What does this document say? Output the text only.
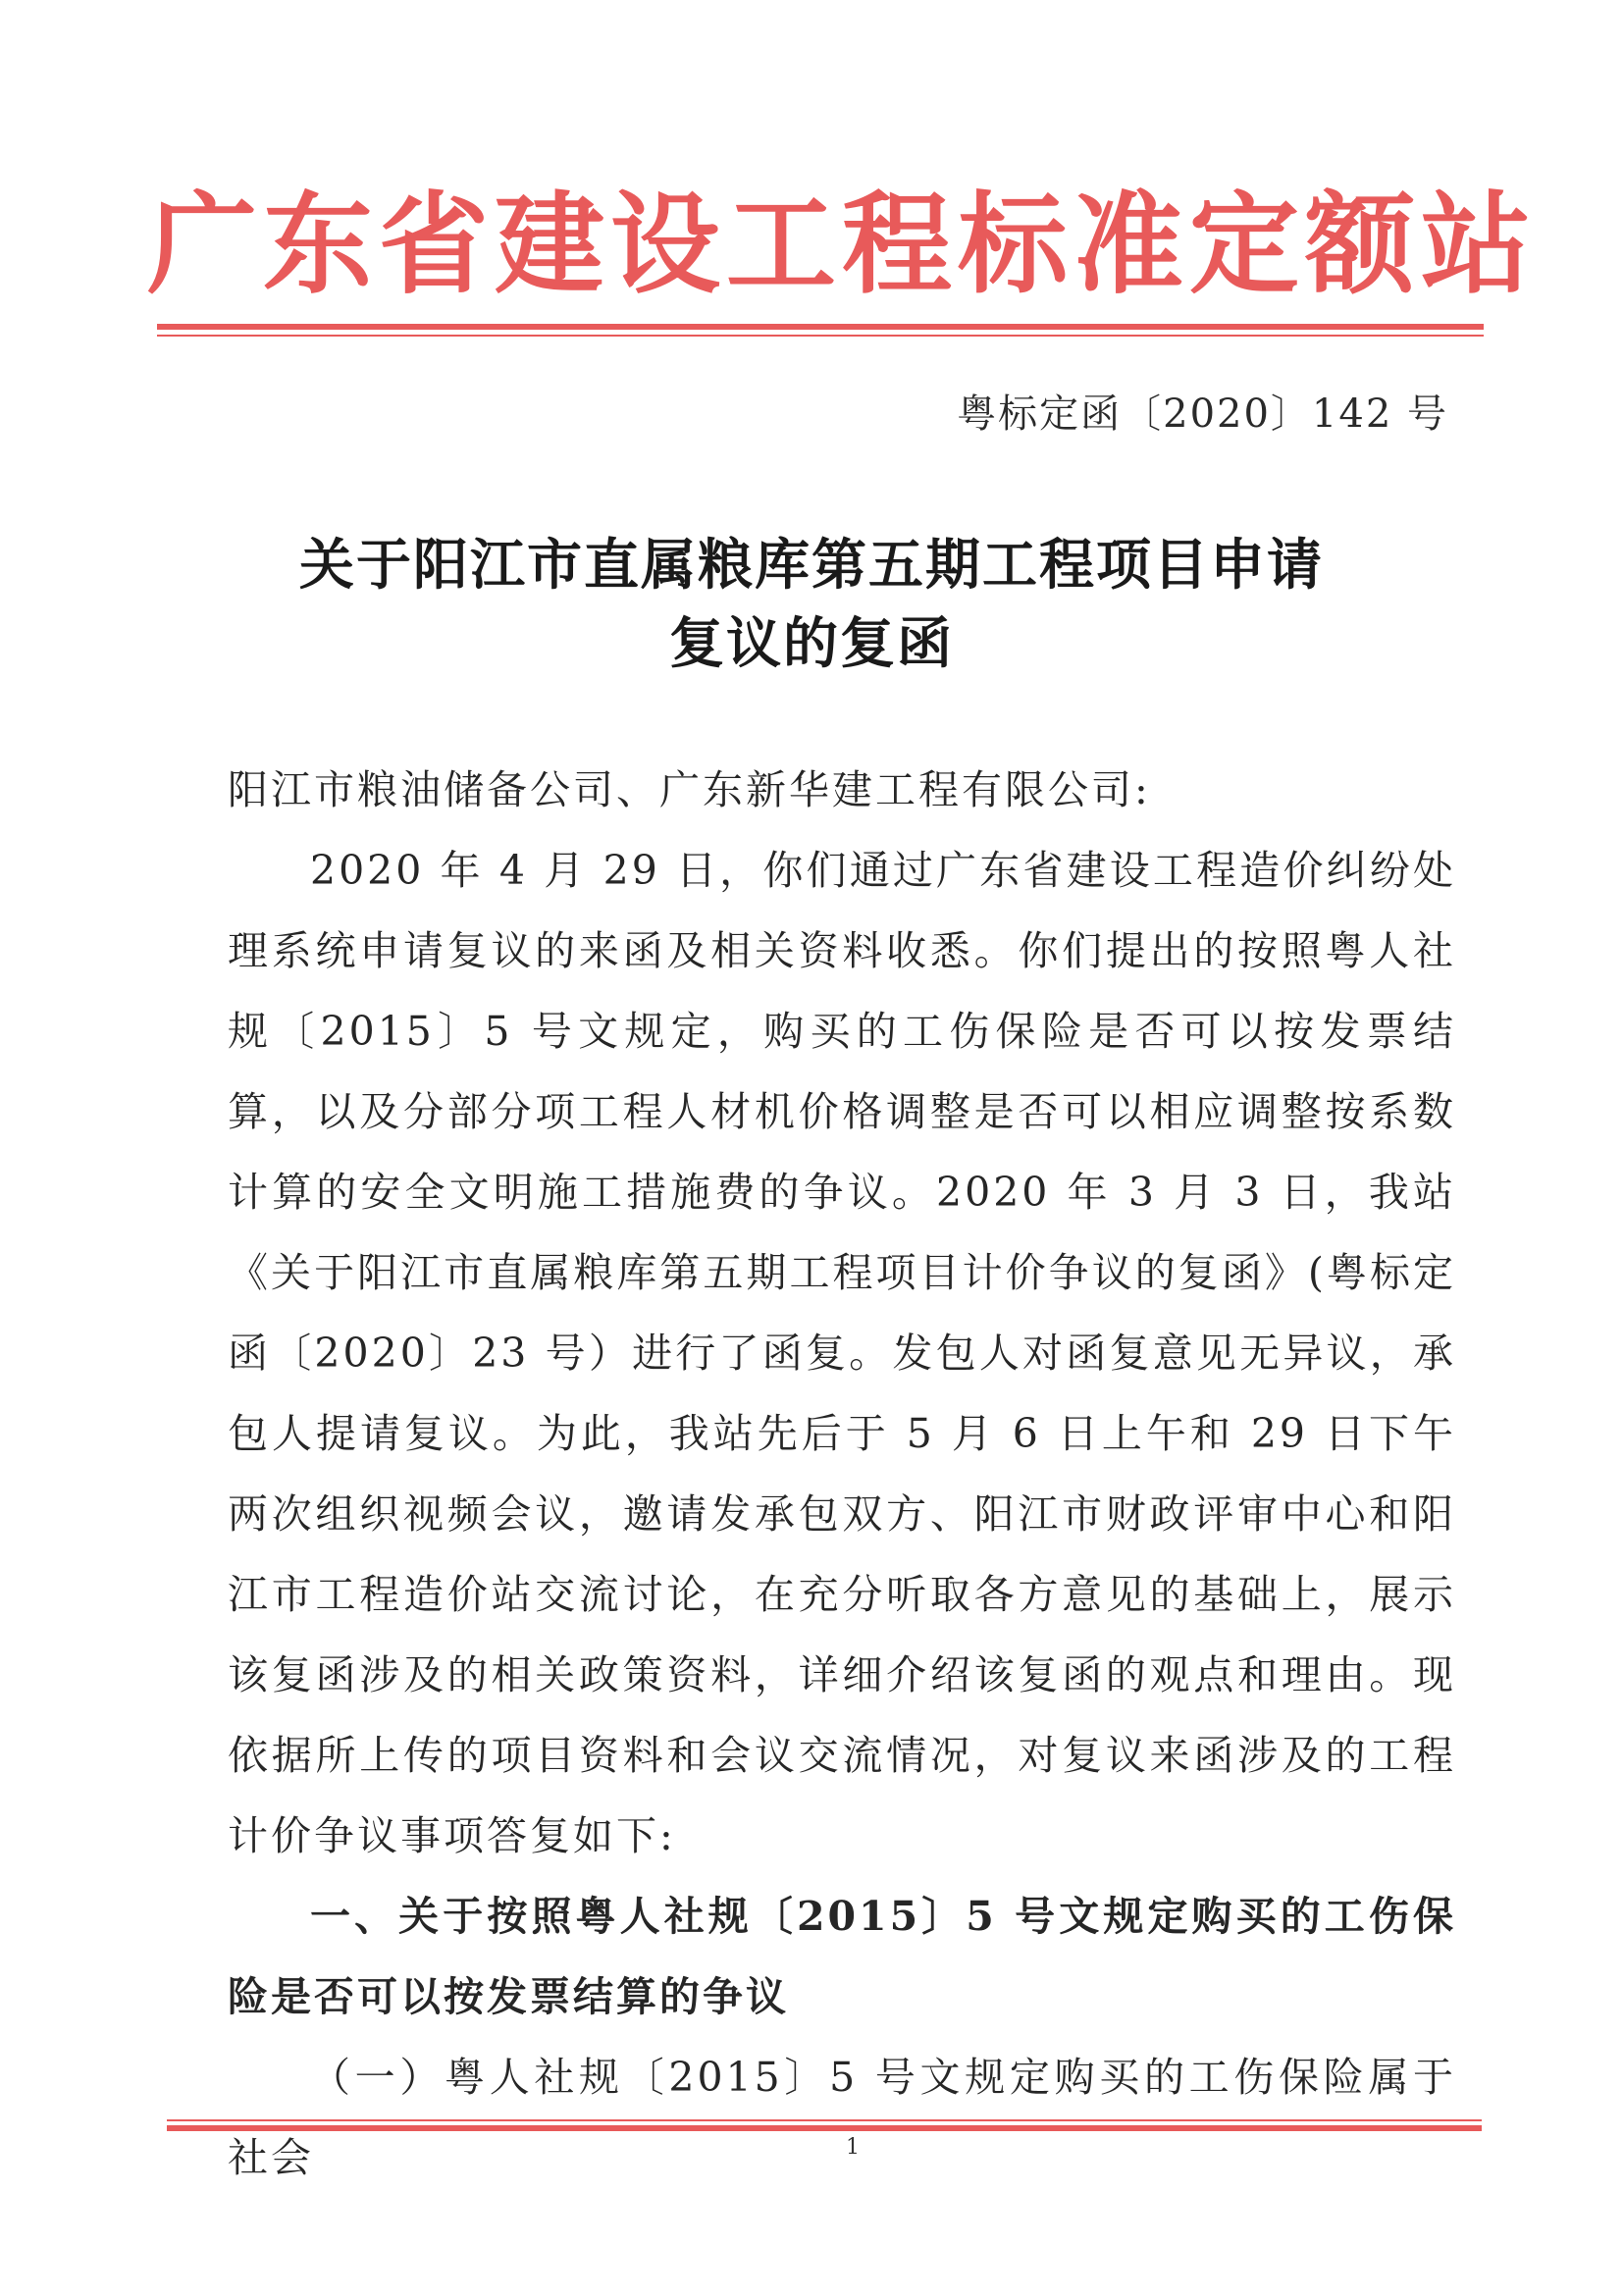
广东省建设工程标准定额站
粤标定函〔2020〕142 号
关于阳江市直属粮库第五期工程项目申请
复议的复函

阳江市粮油储备公司、广东新华建工程有限公司:

2020 年 4 月 29 日，你们通过广东省建设工程造价纠纷处理系统申请复议的来函及相关资料收悉。你们提出的按照粤人社规〔2015〕5 号文规定，购买的工伤保险是否可以按发票结算，以及分部分项工程人材机价格调整是否可以相应调整按系数计算的安全文明施工措施费的争议。2020 年 3 月 3 日，我站《关于阳江市直属粮库第五期工程项目计价争议的复函》(粤标定函〔2020〕23 号）进行了函复。发包人对函复意见无异议，承包人提请复议。为此，我站先后于 5 月 6 日上午和 29 日下午两次组织视频会议，邀请发承包双方、阳江市财政评审中心和阳江市工程造价站交流讨论，在充分听取各方意见的基础上，展示该复函涉及的相关政策资料，详细介绍该复函的观点和理由。现依据所上传的项目资料和会议交流情况，对复议来函涉及的工程计价争议事项答复如下:

一、关于按照粤人社规〔2015〕5 号文规定购买的工伤保险是否可以按发票结算的争议

（一）粤人社规〔2015〕5 号文规定购买的工伤保险属于社会	1
